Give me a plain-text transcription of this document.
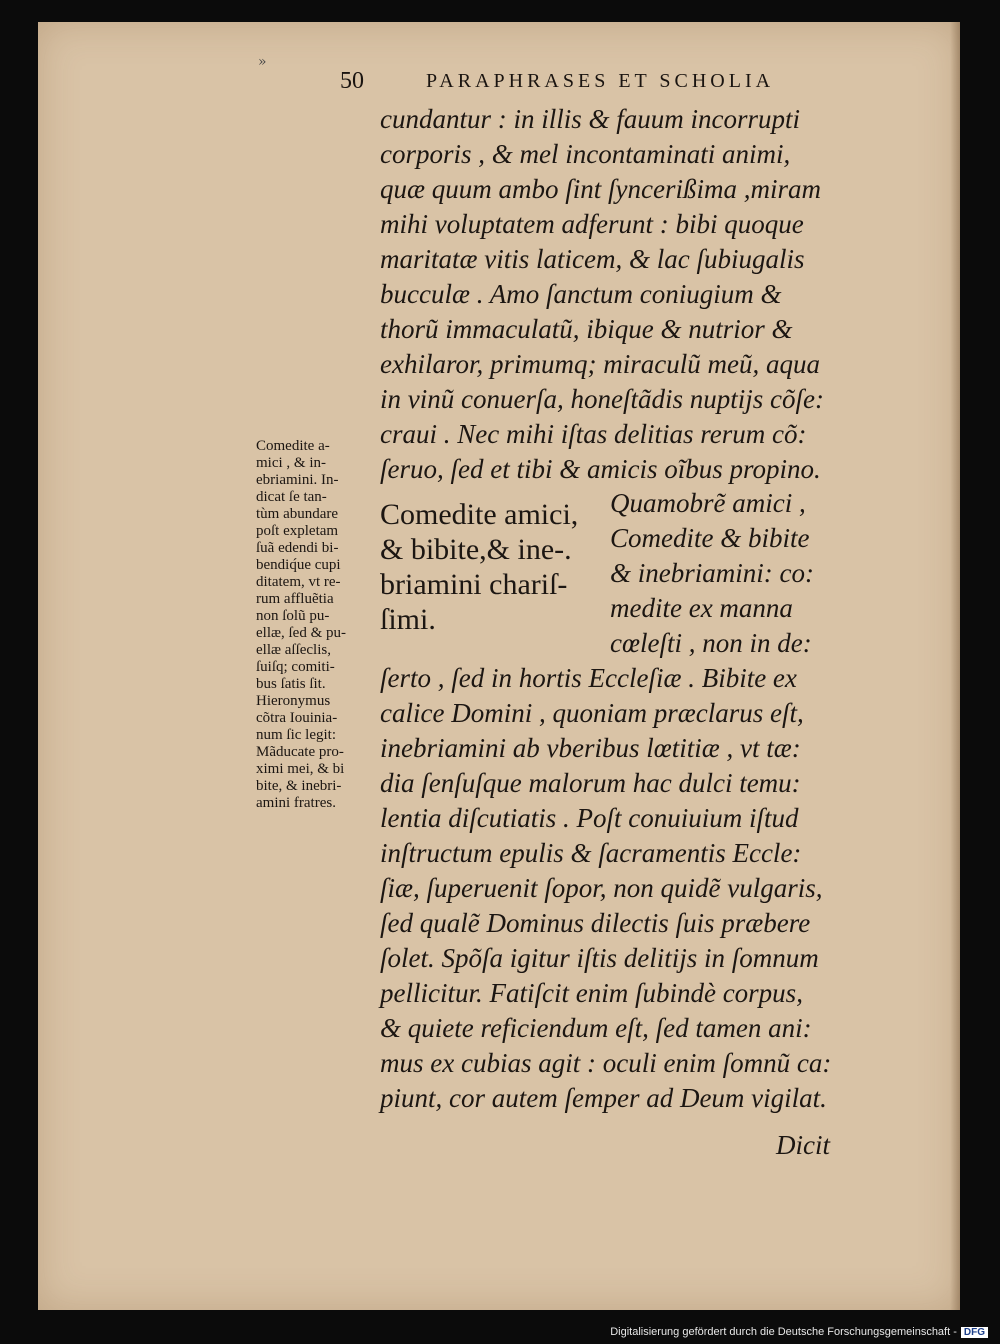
»
50	PARAPHRASES ET SCHOLIA
cundantur : in illis & fauum incorrupti
corporis , & mel incontaminati animi,
quæ quum ambo ſint ſyncerißima ,miram
mihi voluptatem adferunt : bibi quoque
maritatæ vitis laticem, & lac ſubiugalis
bucculæ . Amo ſanctum coniugium &
thorũ immaculatũ, ibique & nutrior &
exhilaror, primumq; miraculũ meũ, aqua
in vinũ conuerſa, honeſtãdis nuptijs cõſe:
craui . Nec mihi iſtas delitias rerum cõ:
ſeruo, ſed et tibi & amicis oĩbus propino.
Comedite amici,
& bibite,& ine-.
briamini chariſ-
ſimi.
Quamobrẽ amici ,
Comedite & bibite
& inebriamini: co:
medite ex manna
cœleſti , non in de:
ſerto , ſed in hortis Eccleſiæ . Bibite ex
calice Domini , quoniam præclarus eſt,
inebriamini ab vberibus lœtitiæ , vt tæ:
dia ſenſuſque malorum hac dulci temu:
lentia diſcutiatis . Poſt conuiuium iſtud
inſtructum epulis & ſacramentis Eccle:
ſiæ, ſuperuenit ſopor, non quidẽ vulgaris,
ſed qualẽ Dominus dilectis ſuis præbere
ſolet. Spõſa igitur iſtis delitijs in ſomnum
pellicitur. Fatiſcit enim ſubindè corpus,
& quiete reficiendum eſt, ſed tamen ani:
mus ex cubias agit : oculi enim ſomnũ ca:
piunt, cor autem ſemper ad Deum vigilat.
Dicit
Comedite a-
mici , & in-
ebriamini. In-
dicat ſe tan-
tùm abundare
poſt expletam
ſuã edendi bi-
bendiq́ue cupi
ditatem, vt re-
rum affluẽtia
non ſolũ pu-
ellæ, ſed & pu-
ellæ aſſeclis,
ſuiſq; comiti-
bus ſatis ſit.
Hieronymus
cõtra Iouinia-
num ſic legit:
Mãducate pro-
ximi mei, & bi
bite, & inebri-
amini fratres.
Digitalisierung gefördert durch die Deutsche Forschungsgemeinschaft - DFG
